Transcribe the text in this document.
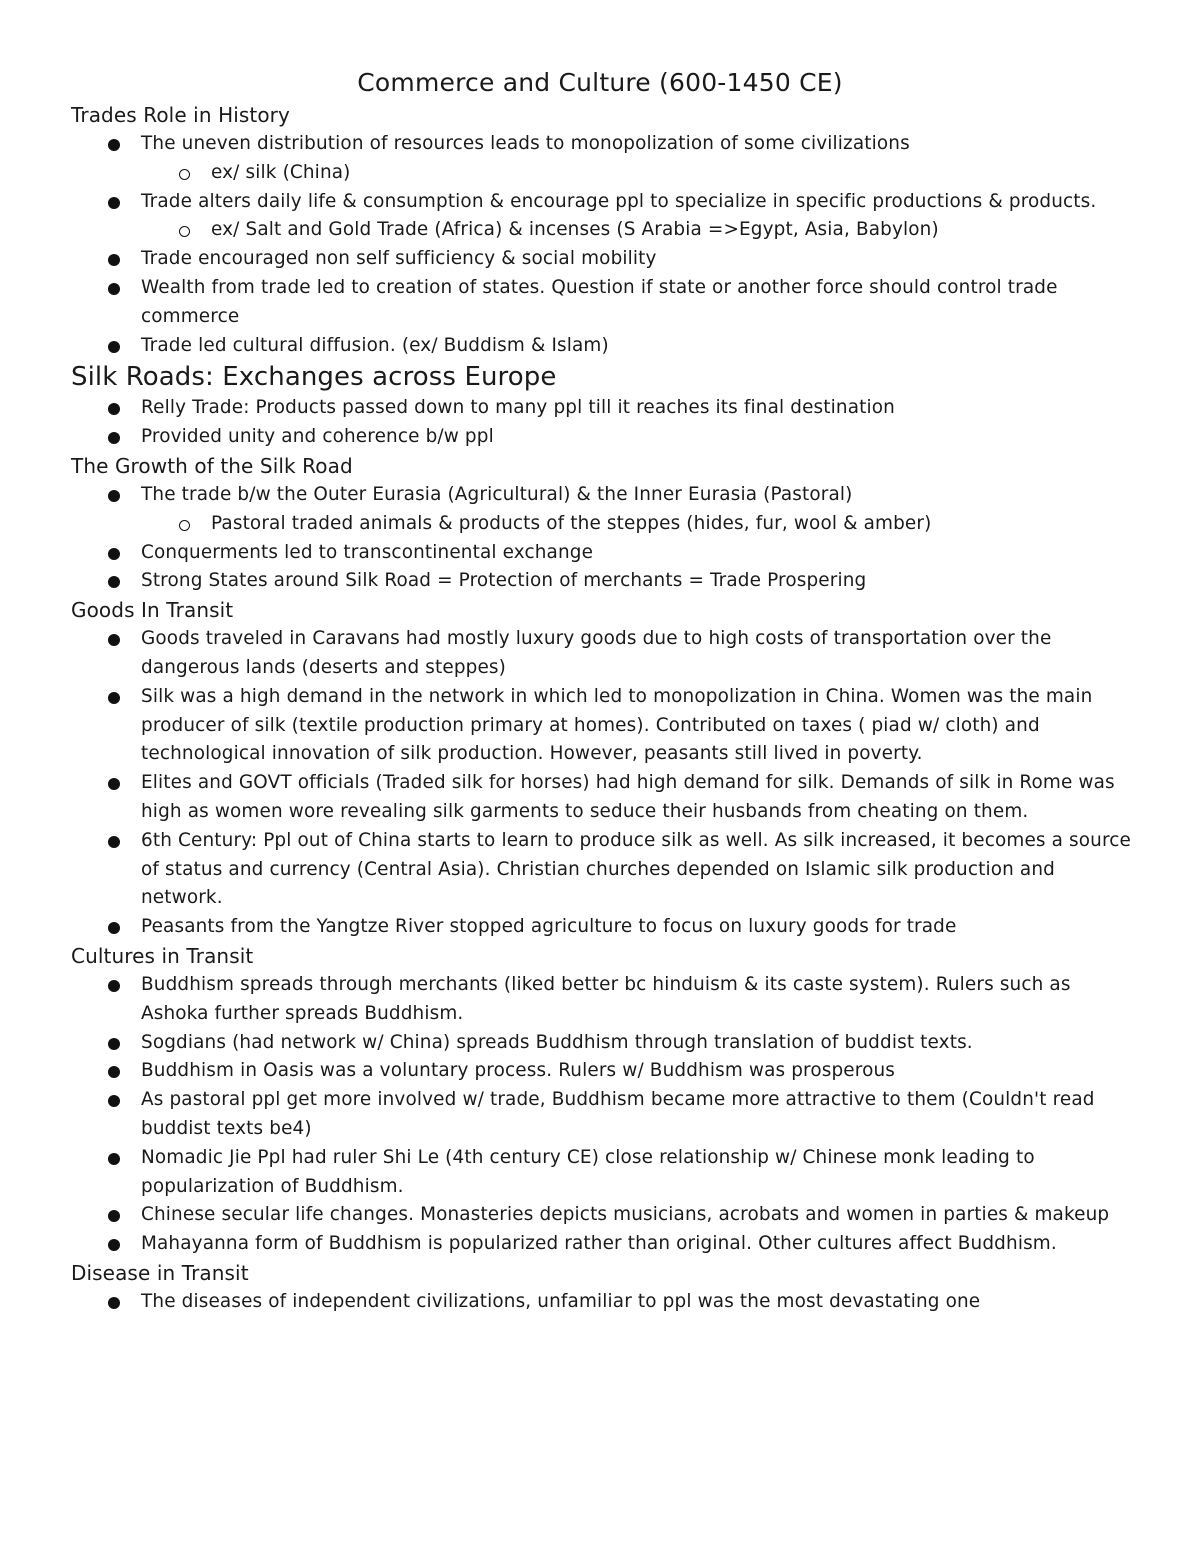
Commerce and Culture (600-1450 CE)
Trades Role in History
The uneven distribution of resources leads to monopolization of some civilizations
ex/ silk (China)
Trade alters daily life & consumption & encourage ppl to specialize in specific productions & products.
ex/ Salt and Gold Trade (Africa) & incenses (S Arabia =>Egypt, Asia, Babylon)
Trade encouraged non self sufficiency & social mobility
Wealth from trade led to creation of states. Question if state or another force should control trade commerce
Trade led cultural diffusion. (ex/ Buddism & Islam)
Silk Roads: Exchanges across Europe
Relly Trade: Products passed down to many ppl till it reaches its final destination
Provided unity and coherence b/w ppl
The Growth of the Silk Road
The trade b/w the Outer Eurasia (Agricultural) & the Inner Eurasia (Pastoral)
Pastoral traded animals & products of the steppes (hides, fur, wool & amber)
Conquerments led to transcontinental exchange
Strong States around Silk Road = Protection of merchants = Trade Prospering
Goods In Transit
Goods traveled in Caravans had mostly luxury goods due to high costs of transportation over the dangerous lands (deserts and steppes)
Silk was a high demand in the network in which led to monopolization in China. Women was the main producer of silk (textile production primary at homes). Contributed on taxes ( piad w/ cloth) and technological innovation of silk production. However, peasants still lived in poverty.
Elites and GOVT officials (Traded silk for horses) had high demand for silk. Demands of silk in Rome was high as women wore revealing silk garments to seduce their husbands from cheating on them.
6th Century: Ppl out of China starts to learn to produce silk as well. As silk increased, it becomes a source of status and currency (Central Asia). Christian churches depended on Islamic silk production and network.
Peasants from the Yangtze River stopped agriculture to focus on luxury goods for trade
Cultures in Transit
Buddhism spreads through merchants (liked better bc hinduism & its caste system). Rulers such as Ashoka further spreads Buddhism.
Sogdians (had network w/ China) spreads Buddhism through translation of buddist texts.
Buddhism in Oasis was a voluntary process. Rulers w/ Buddhism was prosperous
As pastoral ppl get more involved w/ trade, Buddhism became more attractive to them (Couldn't read buddist texts be4)
Nomadic Jie Ppl had ruler Shi Le (4th century CE) close relationship w/ Chinese monk leading to popularization of Buddhism.
Chinese secular life changes. Monasteries depicts musicians, acrobats and women in parties & makeup
Mahayanna form of Buddhism is popularized rather than original. Other cultures affect Buddhism.
Disease in Transit
The diseases of independent civilizations, unfamiliar to ppl was the most devastating one
